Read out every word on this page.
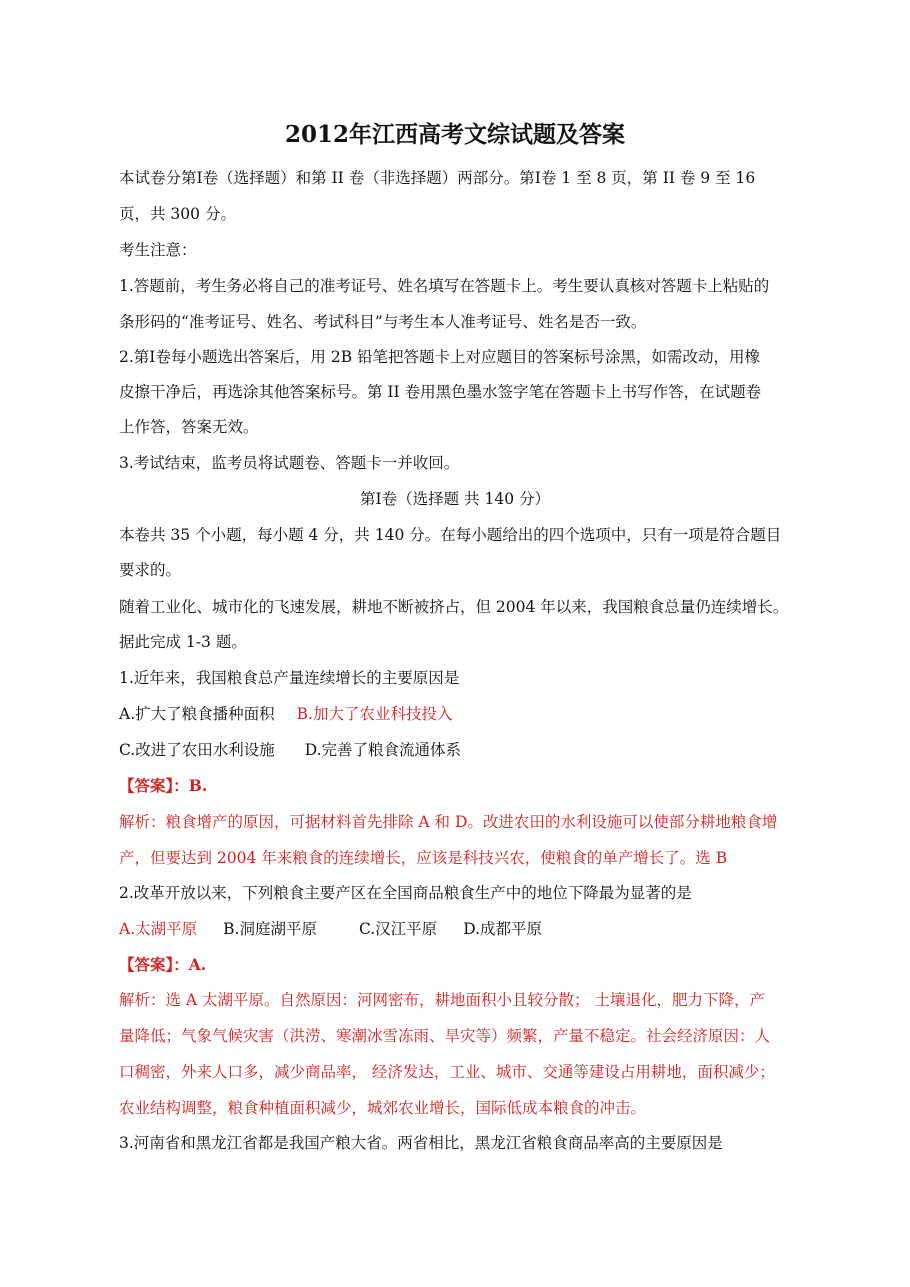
2012年江西高考文综试题及答案
本试卷分第Ⅰ卷（选择题）和第 II 卷（非选择题）两部分。第Ⅰ卷 1 至 8 页，第 II 卷 9 至 16
页，共 300 分。
考生注意：
1.答题前，考生务必将自己的准考证号、姓名填写在答题卡上。考生要认真核对答题卡上粘贴的
条形码的“准考证号、姓名、考试科目”与考生本人准考证号、姓名是否一致。
2.第Ⅰ卷每小题选出答案后，用 2B 铅笔把答题卡上对应题目的答案标号涂黑，如需改动，用橡
皮擦干净后，再选涂其他答案标号。第 II 卷用黑色墨水签字笔在答题卡上书写作答，在试题卷
上作答，答案无效。
3.考试结束，监考员将试题卷、答题卡一并收回。
第Ⅰ卷（选择题 共 140 分）
本卷共 35 个小题，每小题 4 分，共 140 分。在每小题给出的四个选项中，只有一项是符合题目
要求的。
随着工业化、城市化的飞速发展，耕地不断被挤占，但 2004 年以来，我国粮食总量仍连续增长。
据此完成 1-3 题。
1.近年来，我国粮食总产量连续增长的主要原因是
A.扩大了粮食播种面积 B.加大了农业科技投入
C.改进了农田水利设施 D.完善了粮食流通体系
【答案】：B.
解析：粮食增产的原因，可据材料首先排除 A 和 D。改进农田的水利设施可以使部分耕地粮食增
产，但要达到 2004 年来粮食的连续增长，应该是科技兴农，使粮食的单产增长了。选 B
2.改革开放以来，下列粮食主要产区在全国商品粮食生产中的地位下降最为显著的是
A.太湖平原 B.洞庭湖平原	C.汉江平原 D.成都平原
【答案】：A.
解析：选 A 太湖平原。自然原因：河网密布，耕地面积小且较分散； 土壤退化，肥力下降，产
量降低；气象气候灾害（洪涝、寒潮冰雪冻雨、旱灾等）频繁，产量不稳定。社会经济原因：人
口稠密，外来人口多，减少商品率， 经济发达，工业、城市、交通等建设占用耕地，面积减少；
农业结构调整，粮食种植面积减少，城郊农业增长，国际低成本粮食的冲击。
3.河南省和黑龙江省都是我国产粮大省。两省相比，黑龙江省粮食商品率高的主要原因是
